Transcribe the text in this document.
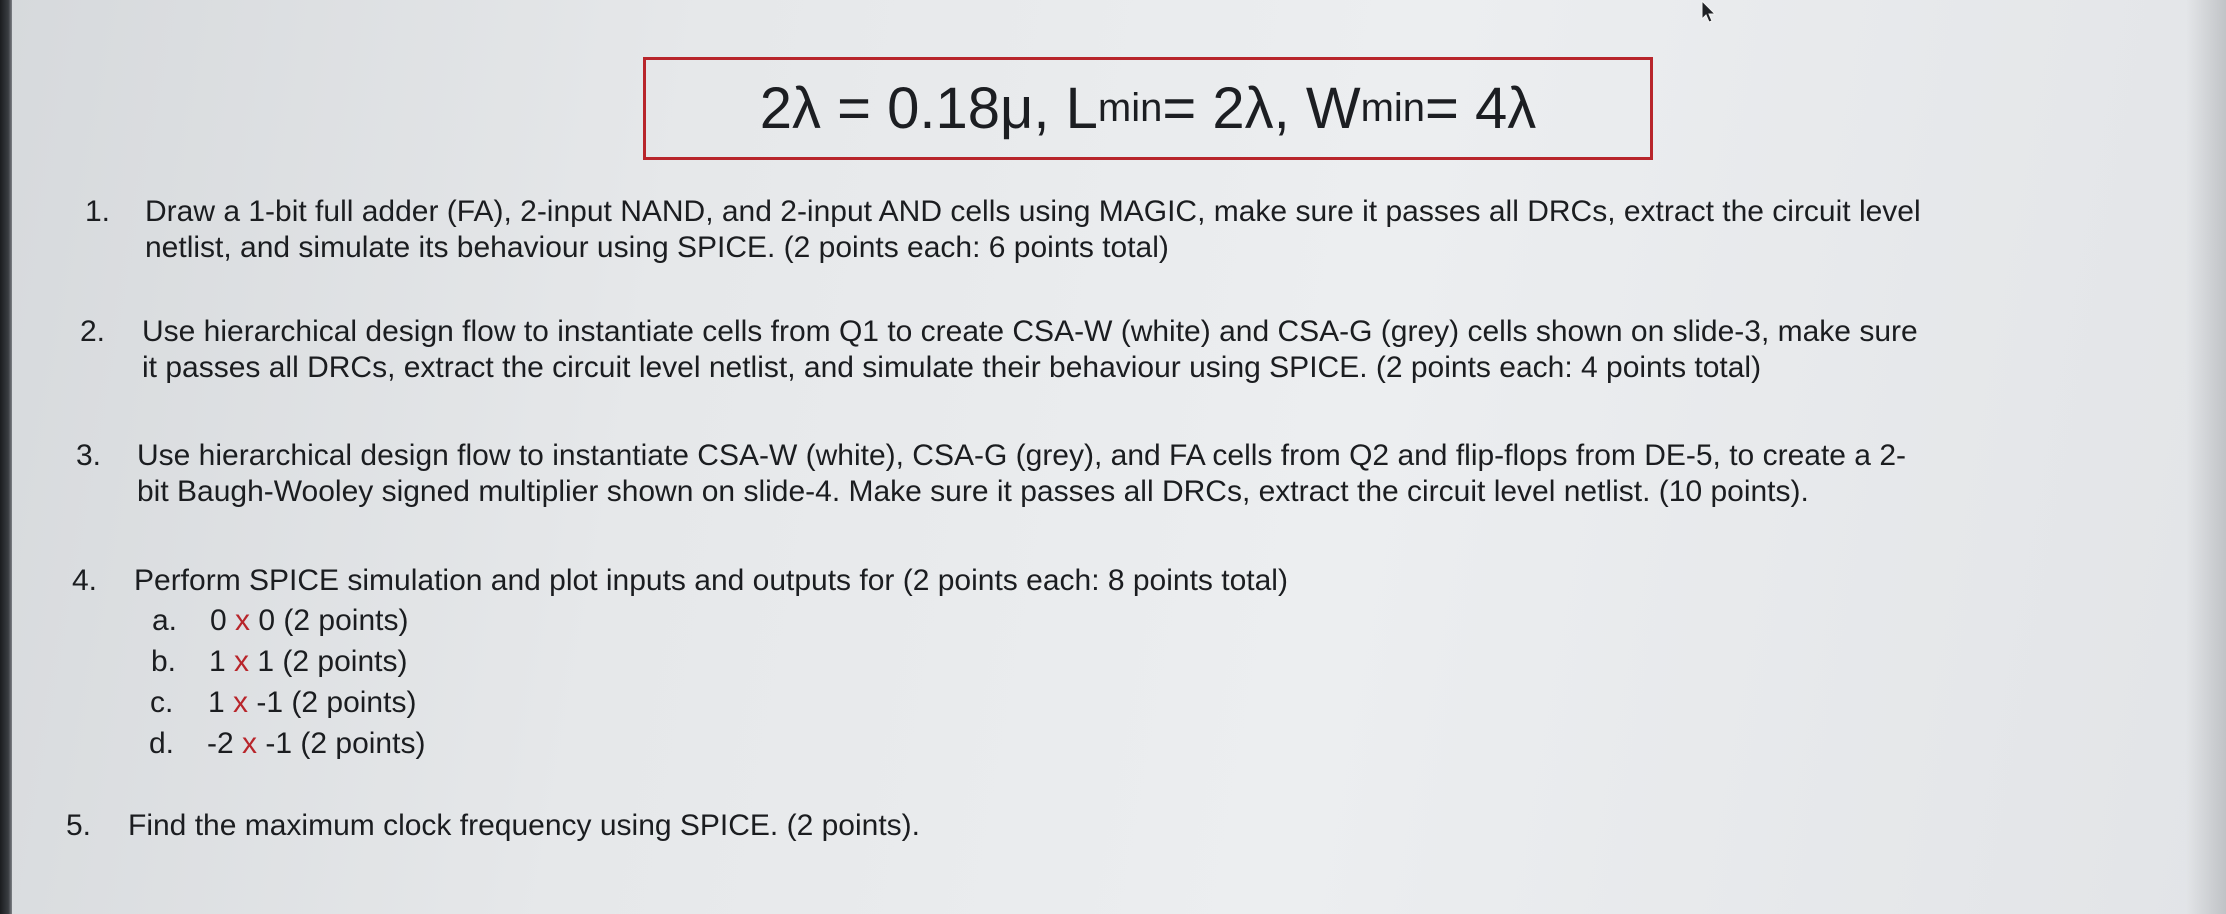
2λ = 0.18μ, L min = 2λ, W min = 4λ
1. Draw a 1-bit full adder (FA), 2-input NAND, and 2-input AND cells using MAGIC, make sure it passes all DRCs, extract the circuit level
netlist, and simulate its behaviour using SPICE. (2 points each: 6 points total)
2. Use hierarchical design flow to instantiate cells from Q1 to create CSA-W (white) and CSA-G (grey) cells shown on slide-3, make sure
it passes all DRCs, extract the circuit level netlist, and simulate their behaviour using SPICE. (2 points each: 4 points total)
3. Use hierarchical design flow to instantiate CSA-W (white), CSA-G (grey), and FA cells from Q2 and flip-flops from DE-5, to create a 2-
bit Baugh-Wooley signed multiplier shown on slide-4. Make sure it passes all DRCs, extract the circuit level netlist. (10 points).
4. Perform SPICE simulation and plot inputs and outputs for (2 points each: 8 points total)
a. 0 x 0 (2 points)
b. 1 x 1 (2 points)
c. 1 x -1 (2 points)
d. -2 x -1 (2 points)
5. Find the maximum clock frequency using SPICE. (2 points).
